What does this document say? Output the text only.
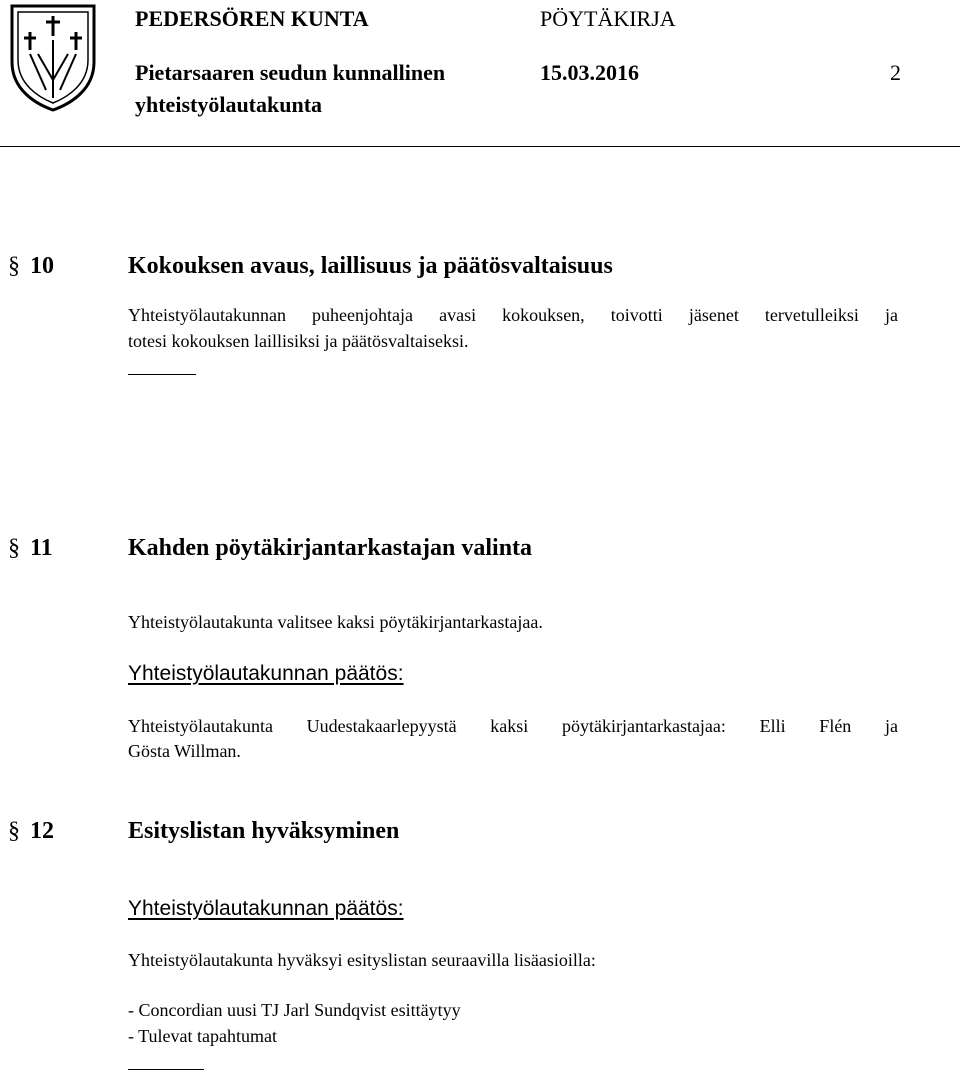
PEDERSÖREN KUNTA	PÖYTÄKIRJA
Pietarsaaren seudun kunnallinen	15.03.2016	2
yhteistyölautakunta
§ 10	Kokouksen avaus, laillisuus ja päätösvaltaisuus
Yhteistyölautakunnan puheenjohtaja avasi kokouksen, toivotti jäsenet tervetulleiksi ja
totesi kokouksen laillisiksi ja päätösvaltaiseksi.
§ 11	Kahden pöytäkirjantarkastajan valinta
Yhteistyölautakunta valitsee kaksi pöytäkirjantarkastajaa.
Yhteistyölautakunnan päätös:
Yhteistyölautakunta Uudestakaarlepyystä kaksi pöytäkirjantarkastajaa: Elli Flén ja
Gösta Willman.
§ 12	Esityslistan hyväksyminen
Yhteistyölautakunnan päätös:
Yhteistyölautakunta hyväksyi esityslistan seuraavilla lisäasioilla:
- Concordian uusi TJ Jarl Sundqvist esittäytyy
- Tulevat tapahtumat
